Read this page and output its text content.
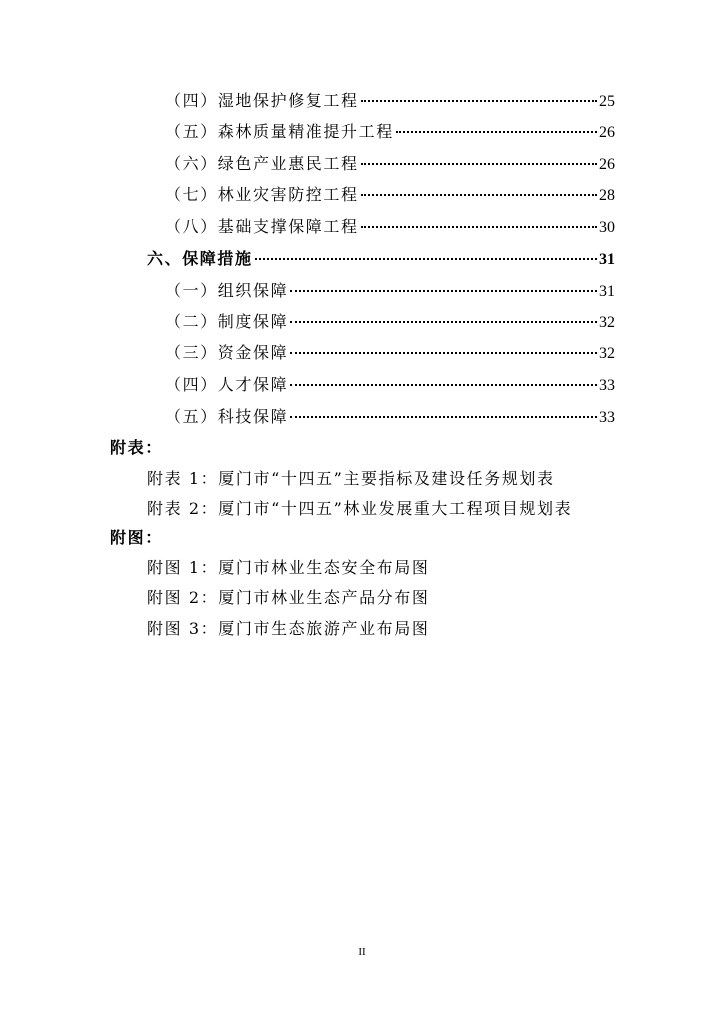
（四）湿地保护修复工程	25
（五）森林质量精准提升工程	26
（六）绿色产业惠民工程	26
（七）林业灾害防控工程	28
（八）基础支撑保障工程	30
六、保障措施	31
（一）组织保障	31
（二）制度保障	32
（三）资金保障	32
（四）人才保障	33
（五）科技保障	33
附表：
附表 1：厦门市“十四五”主要指标及建设任务规划表
附表 2：厦门市“十四五”林业发展重大工程项目规划表
附图：
附图 1：厦门市林业生态安全布局图
附图 2：厦门市林业生态产品分布图
附图 3：厦门市生态旅游产业布局图
II
